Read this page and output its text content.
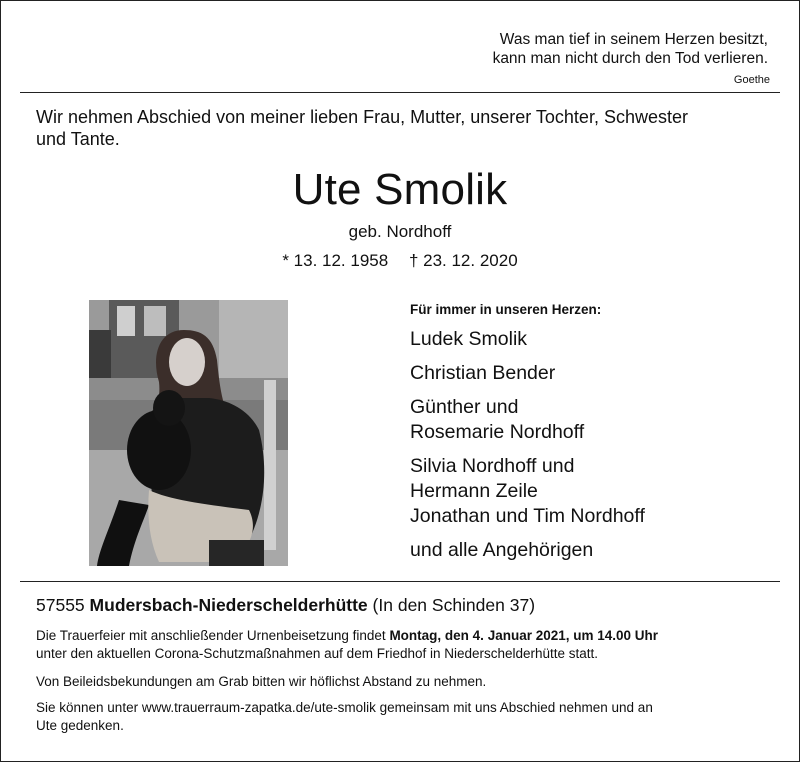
Was man tief in seinem Herzen besitzt,
kann man nicht durch den Tod verlieren.
Goethe
Wir nehmen Abschied von meiner lieben Frau, Mutter, unserer Tochter, Schwester
und Tante.
Ute Smolik
geb. Nordhoff
* 13. 12. 1958 † 23. 12. 2020
Für immer in unseren Herzen:
Ludek Smolik
Christian Bender
Günther und
Rosemarie Nordhoff
Silvia Nordhoff und
Hermann Zeile
Jonathan und Tim Nordhoff
und alle Angehörigen
57555 Mudersbach-Niederschelderhütte (In den Schinden 37)
Die Trauerfeier mit anschließender Urnenbeisetzung findet Montag, den 4. Januar 2021, um 14.00 Uhr
unter den aktuellen Corona-Schutzmaßnahmen auf dem Friedhof in Niederschelderhütte statt.
Von Beileidsbekundungen am Grab bitten wir höflichst Abstand zu nehmen.
Sie können unter www.trauerraum-zapatka.de/ute-smolik gemeinsam mit uns Abschied nehmen und an
Ute gedenken.
